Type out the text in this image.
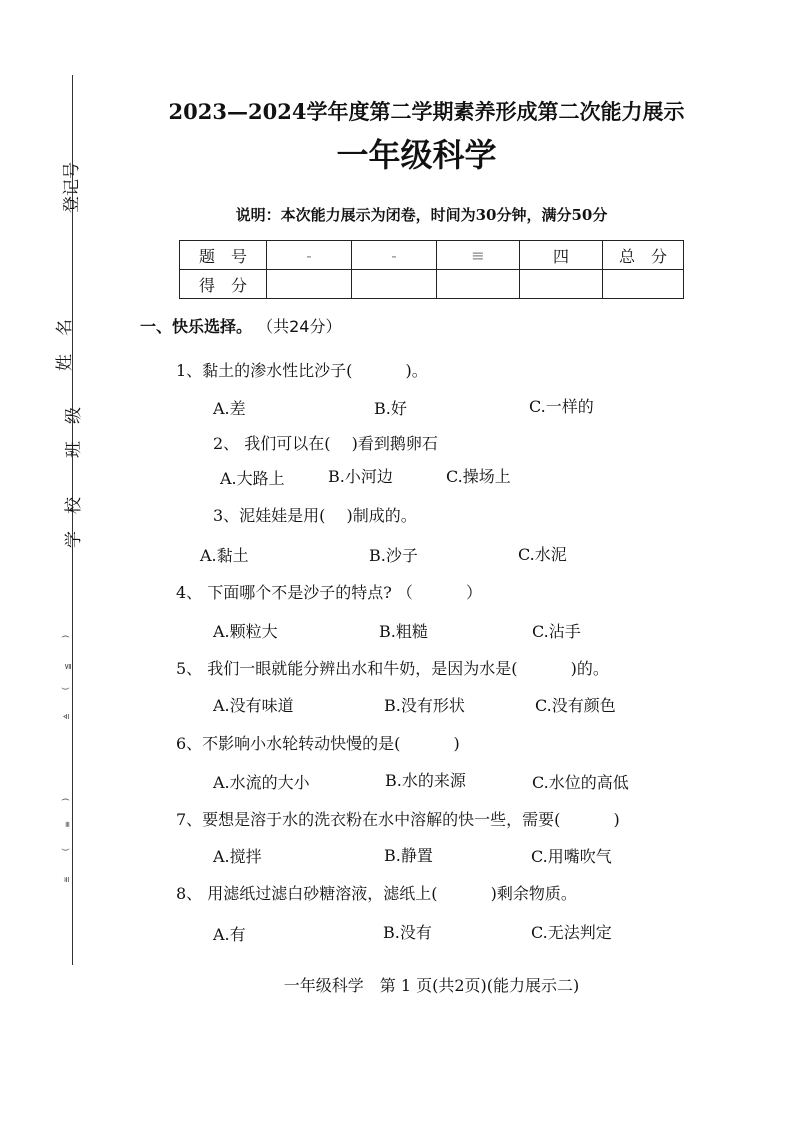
登记号
名
姓
班　级
学　校
)
≦
(
≙
)
≡
(
≝
2023—2024学年度第二学期素养形成第二次能力展示
一年级科学
说明：本次能力展示为闭卷，时间为30分钟，满分50分
题　号	-	-	≡	四	总　分
得　分					
一、快乐选择。 （共24分）
1、黏土的渗水性比沙子(　　　 )。
A.差	B.好	C.一样的
2、 我们可以在(　 )看到鹅卵石
A.大路上	B.小河边	C.操场上
3、泥娃娃是用(　 )制成的。
A.黏土	B.沙子	C.水泥
4、 下面哪个不是沙子的特点? （　　　 ）
A.颗粒大	B.粗糙	C.沾手
5、 我们一眼就能分辨出水和牛奶，是因为水是(　　　 )的。
A.没有味道	B.没有形状	C.没有颜色
6、不影响小水轮转动快慢的是(　　　 )
A.水流的大小	B.水的来源	C.水位的高低
7、要想是溶于水的洗衣粉在水中溶解的快一些，需要(　　　 )
A.搅拌	B.静置	C.用嘴吹气
8、 用滤纸过滤白砂糖溶液，滤纸上(　　　 )剩余物质。
A.有	B.没有	C.无法判定
一年级科学　第 1 页(共2页)(能力展示二)
